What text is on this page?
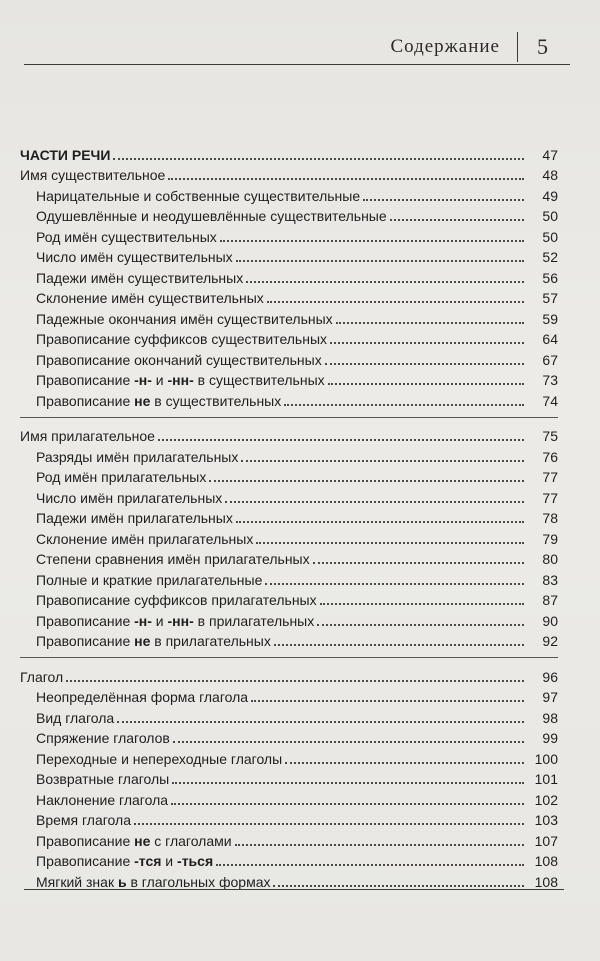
Содержание 5
ЧАСТИ РЕЧИ	47
Имя существительное	48
Нарицательные и собственные существительные	49
Одушевлённые и неодушевлённые существительные	50
Род имён существительных	50
Число имён существительных	52
Падежи имён существительных	56
Склонение имён существительных	57
Падежные окончания имён существительных	59
Правописание суффиксов существительных	64
Правописание окончаний существительных	67
Правописание -н- и -нн- в существительных	73
Правописание не в существительных	74
Имя прилагательное	75
Разряды имён прилагательных	76
Род имён прилагательных	77
Число имён прилагательных	77
Падежи имён прилагательных	78
Склонение имён прилагательных	79
Степени сравнения имён прилагательных	80
Полные и краткие прилагательные	83
Правописание суффиксов прилагательных	87
Правописание -н- и -нн- в прилагательных	90
Правописание не в прилагательных	92
Глагол	96
Неопределённая форма глагола	97
Вид глагола	98
Спряжение глаголов	99
Переходные и непереходные глаголы	100
Возвратные глаголы	101
Наклонение глагола	102
Время глагола	103
Правописание не с глаголами	107
Правописание -тся и -ться	108
Мягкий знак ь в глагольных формах	108
